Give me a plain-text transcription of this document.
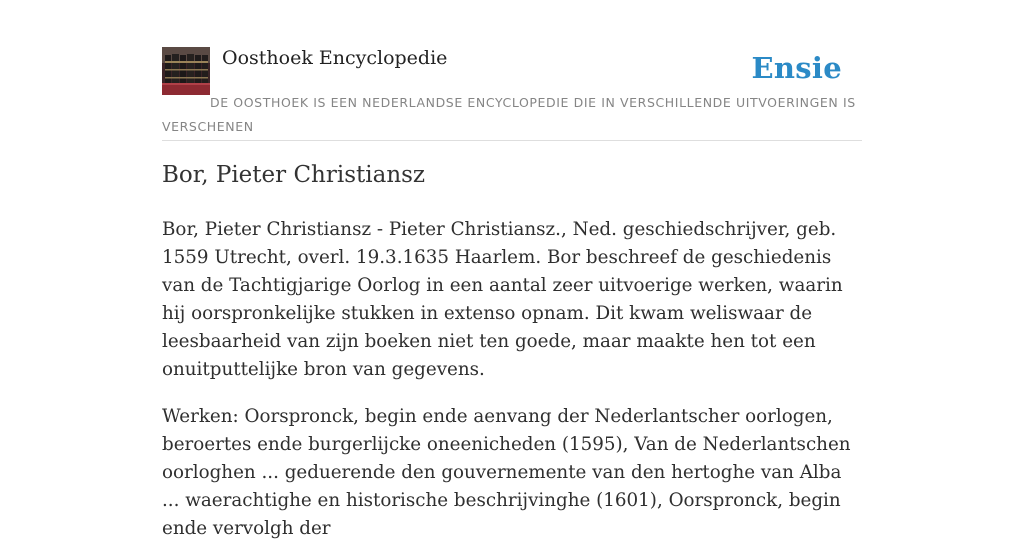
Oosthoek Encyclopedie	Ensie
DE OOSTHOEK IS EEN NEDERLANDSE ENCYCLOPEDIE DIE IN VERSCHILLENDE UITVOERINGEN IS VERSCHENEN
Bor, Pieter Christiansz

Bor, Pieter Christiansz - Pieter Christiansz., Ned. geschiedschrijver, geb. 1559 Utrecht, overl. 19.3.1635 Haarlem. Bor beschreef de geschiedenis van de Tachtigjarige Oorlog in een aantal zeer uitvoerige werken, waarin hij oorspronkelijke stukken in extenso opnam. Dit kwam weliswaar de leesbaarheid van zijn boeken niet ten goede, maar maakte hen tot een onuitputtelijke bron van gegevens.

Werken: Oorspronck, begin ende aenvang der Nederlantscher oorlogen, beroertes ende burgerlijcke oneenicheden (1595), Van de Nederlantschen oorloghen ... geduerende den gouvernemente van den hertoghe van Alba ... waerachtighe en historische beschrijvinghe (1601), Oorspronck, begin ende vervolgh der
